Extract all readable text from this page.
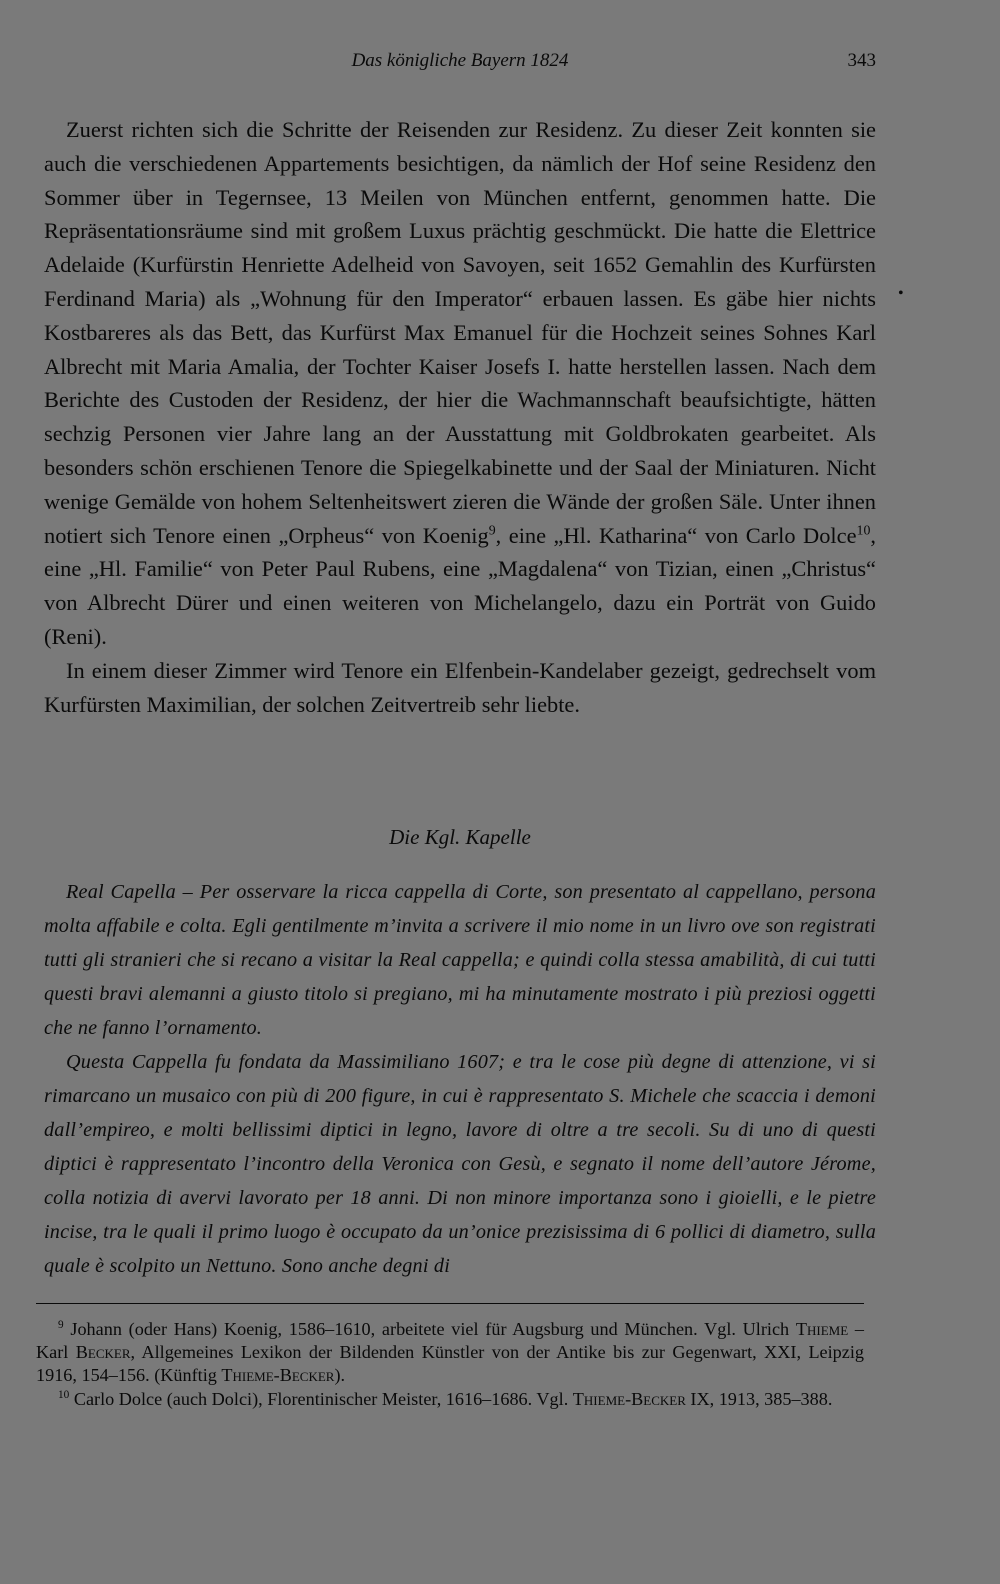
Das königliche Bayern 1824	343

Zuerst richten sich die Schritte der Reisenden zur Residenz. Zu dieser Zeit konnten sie auch die verschiedenen Appartements besichtigen, da nämlich der Hof seine Residenz den Sommer über in Tegernsee, 13 Meilen von München entfernt, genommen hatte. Die Repräsentationsräume sind mit großem Luxus prächtig geschmückt. Die hatte die Elettrice Adelaide (Kurfürstin Henriette Adelheid von Savoyen, seit 1652 Gemahlin des Kurfürsten Ferdinand Maria) als „Wohnung für den Imperator“ erbauen lassen. Es gäbe hier nichts Kostbareres als das Bett, das Kurfürst Max Emanuel für die Hochzeit seines Sohnes Karl Albrecht mit Maria Amalia, der Tochter Kaiser Josefs I. hatte herstellen lassen. Nach dem Berichte des Custoden der Residenz, der hier die Wachmannschaft beaufsichtigte, hätten sechzig Personen vier Jahre lang an der Ausstattung mit Goldbrokaten gearbeitet. Als besonders schön erschienen Tenore die Spiegelkabinette und der Saal der Miniaturen. Nicht wenige Gemälde von hohem Seltenheitswert zieren die Wände der großen Säle. Unter ihnen notiert sich Tenore einen „Orpheus“ von Koenig$^9$, eine „Hl. Katharina“ von Carlo Dolce$^{10}$, eine „Hl. Familie“ von Peter Paul Rubens, eine „Magdalena“ von Tizian, einen „Christus“ von Albrecht Dürer und einen weiteren von Michelangelo, dazu ein Porträt von Guido (Reni).

In einem dieser Zimmer wird Tenore ein Elfenbein-Kandelaber gezeigt, gedrechselt vom Kurfürsten Maximilian, der solchen Zeitvertreib sehr liebte.

•
Die Kgl. Kapelle

Real Capella – Per osservare la ricca cappella di Corte, son presentato al cappellano, persona molta affabile e colta. Egli gentilmente m’invita a scrivere il mio nome in un livro ove son registrati tutti gli stranieri che si recano a visitar la Real cappella; e quindi colla stessa amabilità, di cui tutti questi bravi alemanni a giusto titolo si pregiano, mi ha minutamente mostrato i più preziosi oggetti che ne fanno l’ornamento.

Questa Cappella fu fondata da Massimiliano 1607; e tra le cose più degne di attenzione, vi si rimarcano un musaico con più di 200 figure, in cui è rappresentato S. Michele che scaccia i demoni dall’empireo, e molti bellissimi diptici in legno, lavore di oltre a tre secoli. Su di uno di questi diptici è rappresentato l’incontro della Veronica con Gesù, e segnato il nome dell’autore Jérome, colla notizia di avervi lavorato per 18 anni. Di non minore importanza sono i gioielli, e le pietre incise, tra le quali il primo luogo è occupato da un’onice prezisissima di 6 pollici di diametro, sulla quale è scolpito un Nettuno. Sono anche degni di

$^9$ Johann (oder Hans) Koenig, 1586–1610, arbeitete viel für Augsburg und München. Vgl. Ulrich Thieme – Karl Becker, Allgemeines Lexikon der Bildenden Künstler von der Antike bis zur Gegenwart, XXI, Leipzig 1916, 154–156. (Künftig Thieme-Becker).

$^{10}$ Carlo Dolce (auch Dolci), Florentinischer Meister, 1616–1686. Vgl. Thieme-Becker IX, 1913, 385–388.
